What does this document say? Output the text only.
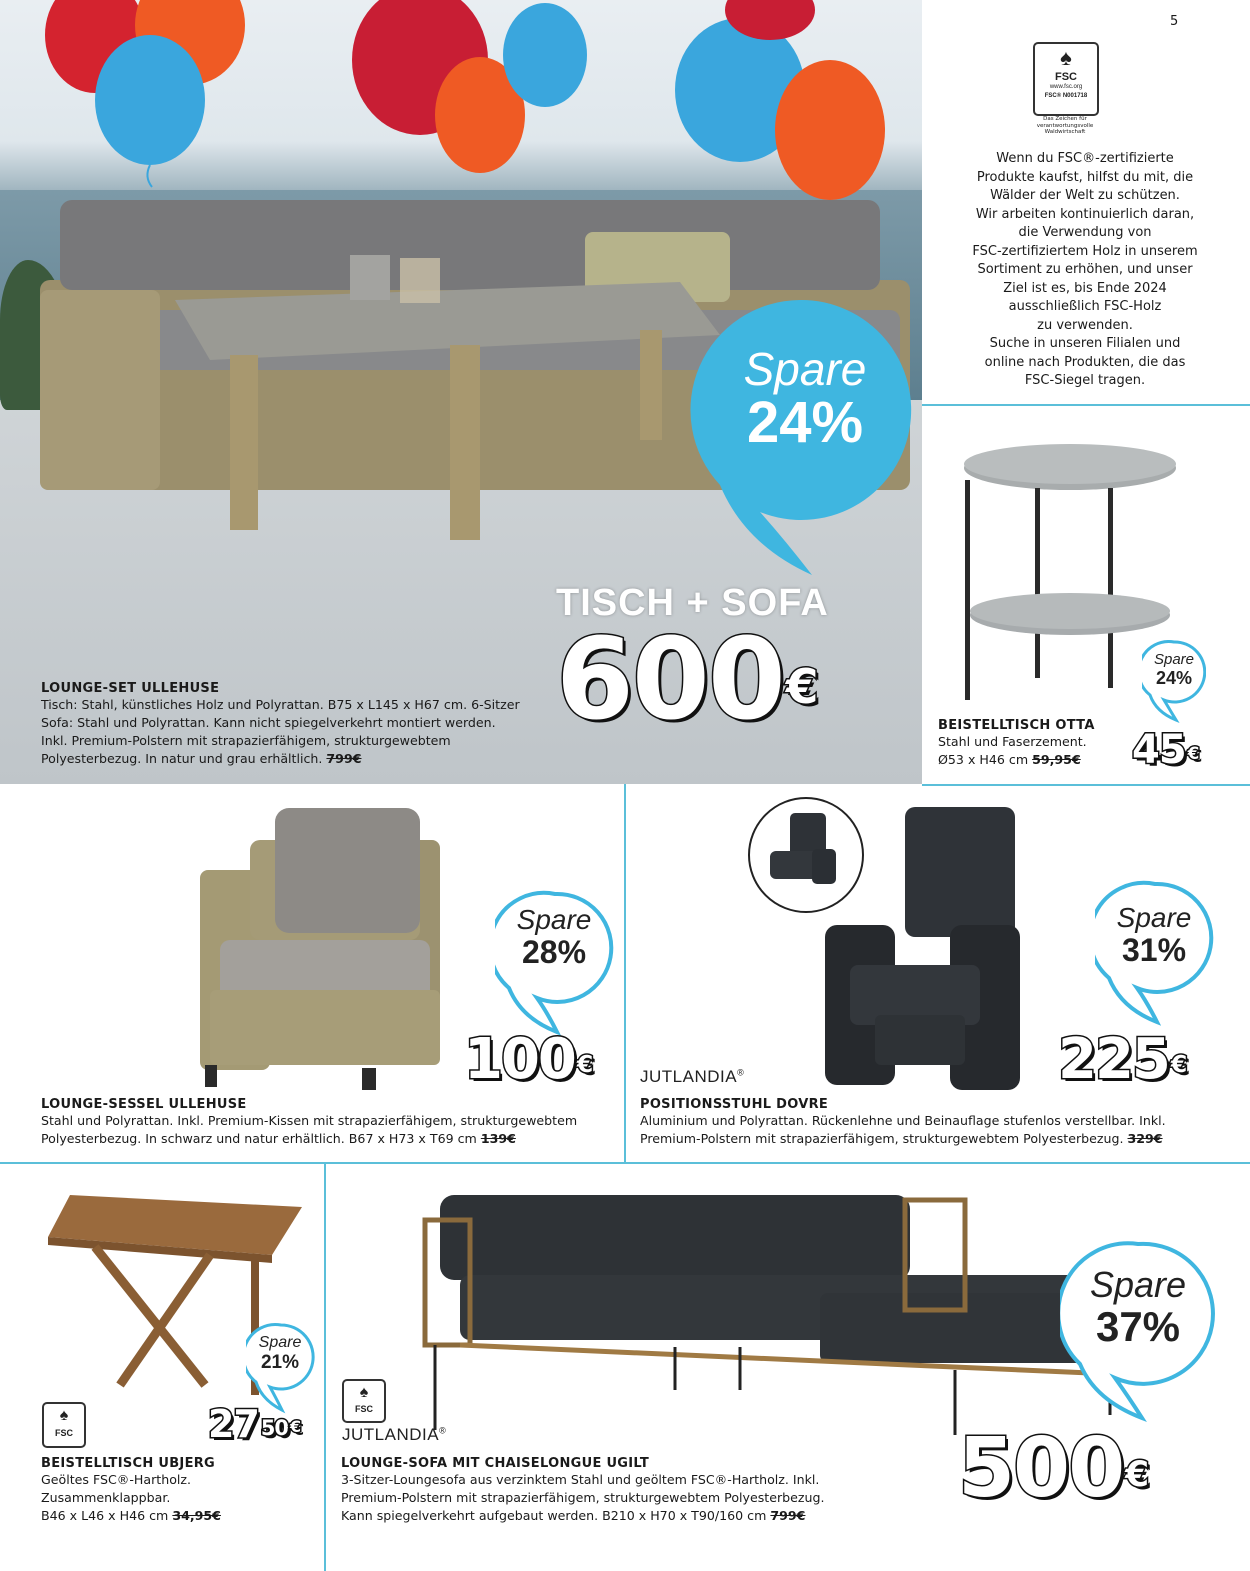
Spare
24%
TISCH + SOFA
600€
LOUNGE-SET ULLEHUSE
Tisch: Stahl, künstliches Holz und Polyrattan. B75 x L145 x H67 cm. 6-Sitzer
Sofa: Stahl und Polyrattan. Kann nicht spiegelverkehrt montiert werden.
Inkl. Premium-Polstern mit strapazierfähigem, strukturgewebtem
Polyesterbezug. In natur und grau erhältlich. 799€
5
♠
FSC
www.fsc.org
FSC® N001718
Das Zeichen für
verantwortungsvolle
Waldwirtschaft
Wenn du FSC®-zertifizierte
Produkte kaufst, hilfst du mit, die
Wälder der Welt zu schützen.
Wir arbeiten kontinuierlich daran,
die Verwendung von
FSC-zertifiziertem Holz in unserem
Sortiment zu erhöhen, und unser
Ziel ist es, bis Ende 2024
ausschließlich FSC-Holz
zu verwenden.
Suche in unseren Filialen und
online nach Produkten, die das
FSC-Siegel tragen.
Spare
24%
BEISTELLTISCH OTTA
Stahl und Faserzement.
Ø53 x H46 cm 59,95€	45 €
Spare
28%
100€
LOUNGE-SESSEL ULLEHUSE
Stahl und Polyrattan. Inkl. Premium-Kissen mit strapazierfähigem, strukturgewebtem
Polyesterbezug. In schwarz und natur erhältlich. B67 x H73 x T69 cm 139€
Spare
31%
225€
JUTLANDIA®
POSITIONSSTUHL DOVRE
Aluminium und Polyrattan. Rückenlehne und Beinauflage stufenlos verstellbar. Inkl.
Premium-Polstern mit strapazierfähigem, strukturgewebtem Polyesterbezug. 329€
♠
FSC
Spare
21%
$27^{50}$ €
BEISTELLTISCH UBJERG
Geöltes FSC®-Hartholz.
Zusammenklappbar.
B46 x L46 x H46 cm 34,95€
♠
FSC
JUTLANDIA®
Spare
37%
500€
LOUNGE-SOFA MIT CHAISELONGUE UGILT
3-Sitzer-Loungesofa aus verzinktem Stahl und geöltem FSC®-Hartholz. Inkl.
Premium-Polstern mit strapazierfähigem, strukturgewebtem Polyesterbezug.
Kann spiegelverkehrt aufgebaut werden. B210 x H70 x T90/160 cm 799€
